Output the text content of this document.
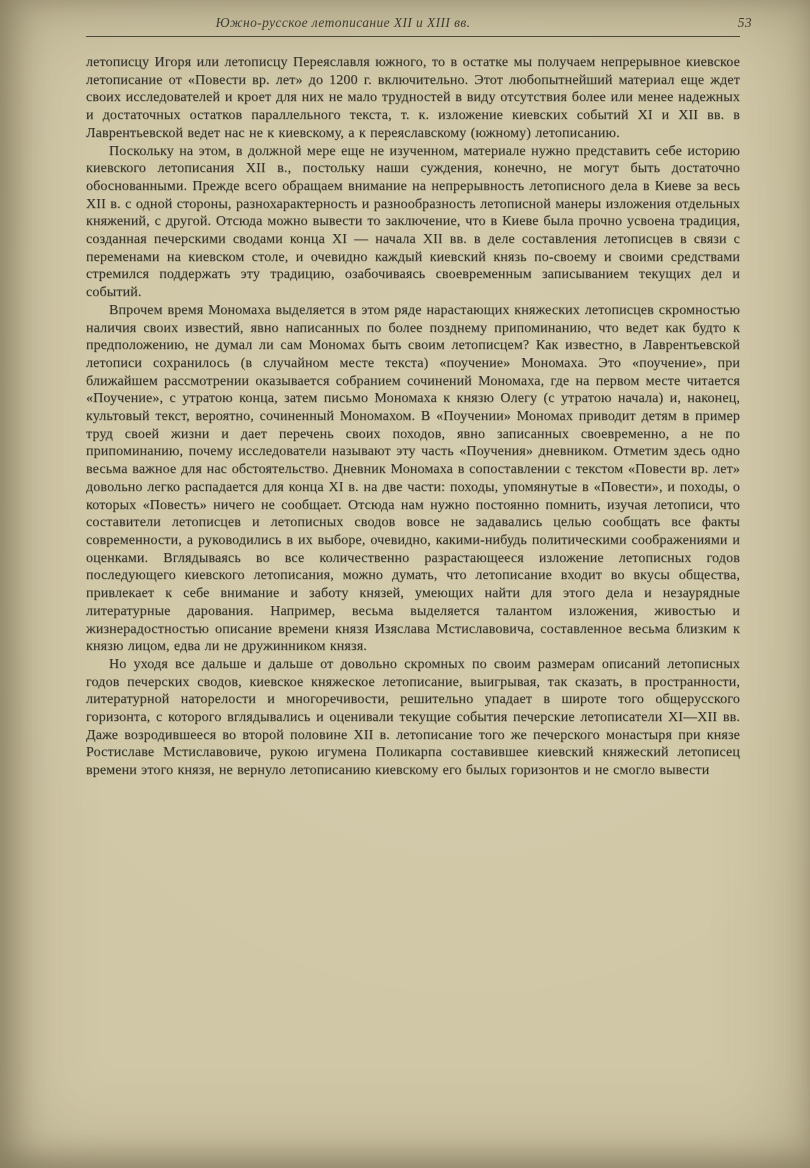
Южно-русское летописание XII и XIII вв.	53

летописцу Игоря или летописцу Переяславля южного, то в остатке мы получаем непрерывное киевское летописание от «Повести вр. лет» до 1200 г. включительно. Этот любопытнейший материал еще ждет своих исследователей и кроет для них не мало трудностей в виду отсутствия более или менее надежных и достаточных остатков параллельного текста, т. к. изложение киевских событий XI и XII вв. в Лаврентьевской ведет нас не к киевскому, а к переяславскому (южному) летописанию.

Поскольку на этом, в должной мере еще не изученном, материале нужно представить себе историю киевского летописания XII в., постольку наши суждения, конечно, не могут быть достаточно обоснованными. Прежде всего обращаем внимание на непрерывность летописного дела в Киеве за весь XII в. с одной стороны, разнохарактерность и разнообразность летописной манеры изложения отдельных княжений, с другой. Отсюда можно вывести то заключение, что в Киеве была прочно усвоена традиция, созданная печерскими сводами конца XI — начала XII вв. в деле составления летописцев в связи с переменами на киевском столе, и очевидно каждый киевский князь по-своему и своими средствами стремился поддержать эту традицию, озабочиваясь своевременным записыванием текущих дел и событий.

Впрочем время Мономаха выделяется в этом ряде нарастающих княжеских летописцев скромностью наличия своих известий, явно написанных по более позднему припоминанию, что ведет как будто к предположению, не думал ли сам Мономах быть своим летописцем? Как известно, в Лаврентьевской летописи сохранилось (в случайном месте текста) «поучение» Мономаха. Это «поучение», при ближайшем рассмотрении оказывается собранием сочинений Мономаха, где на первом месте читается «Поучение», с утратою конца, затем письмо Мономаха к князю Олегу (с утратою начала) и, наконец, культовый текст, вероятно, сочиненный Мономахом. В «Поучении» Мономах приводит детям в пример труд своей жизни и дает перечень своих походов, явно записанных своевременно, а не по припоминанию, почему исследователи называют эту часть «Поучения» дневником. Отметим здесь одно весьма важное для нас обстоятельство. Дневник Мономаха в сопоставлении с текстом «Повести вр. лет» довольно легко распадается для конца XI в. на две части: походы, упомянутые в «Повести», и походы, о которых «Повесть» ничего не сообщает. Отсюда нам нужно постоянно помнить, изучая летописи, что составители летописцев и летописных сводов вовсе не задавались целью сообщать все факты современности, а руководились в их выборе, очевидно, какими-нибудь политическими соображениями и оценками. Вглядываясь во все количественно разрастающееся изложение летописных годов последующего киевского летописания, можно думать, что летописание входит во вкусы общества, привлекает к себе внимание и заботу князей, умеющих найти для этого дела и незаурядные литературные дарования. Например, весьма выделяется талантом изложения, живостью и жизнерадостностью описание времени князя Изяслава Мстиславовича, составленное весьма близким к князю лицом, едва ли не дружинником князя.

Но уходя все дальше и дальше от довольно скромных по своим размерам описаний летописных годов печерских сводов, киевское княжеское летописание, выигрывая, так сказать, в пространности, литературной наторелости и многоречивости, решительно упадает в широте того общерусского горизонта, с которого вглядывались и оценивали текущие события печерские летописатели XI—XII вв. Даже возродившееся во второй половине XII в. летописание того же печерского монастыря при князе Ростиславе Мстиславовиче, рукою игумена Поликарпа составившее киевский княжеский летописец времени этого князя, не вернуло летописанию киевскому его былых горизонтов и не смогло вывести
